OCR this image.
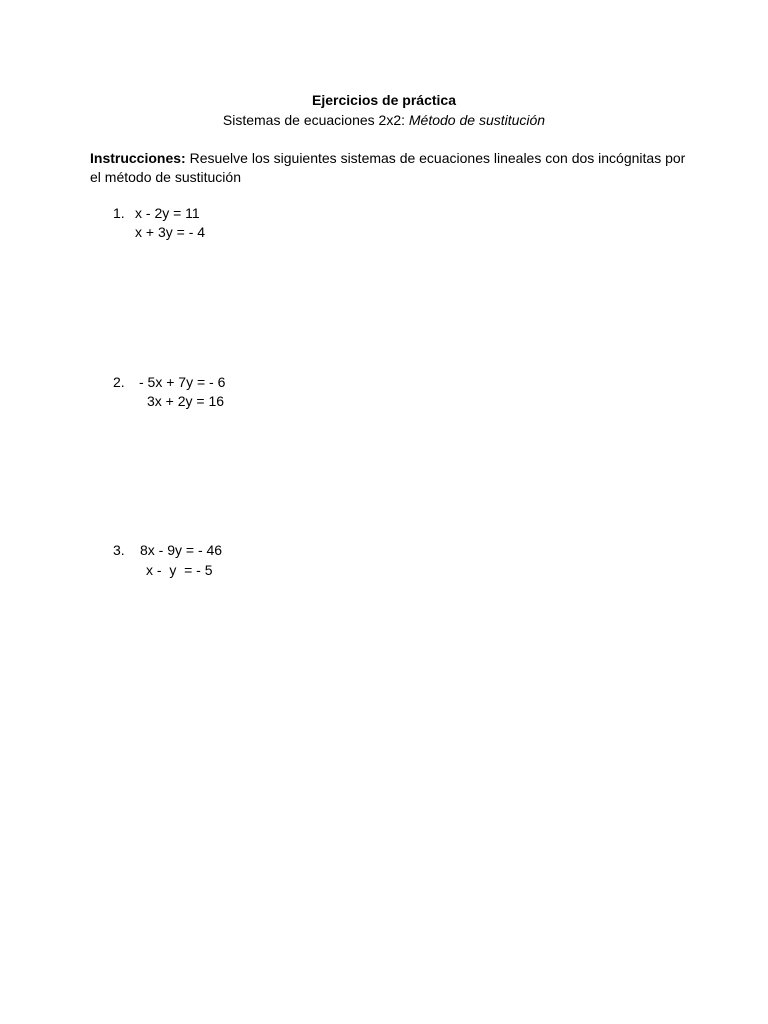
Ejercicios de práctica
Sistemas de ecuaciones 2x2: Método de sustitución
Instrucciones: Resuelve los siguientes sistemas de ecuaciones lineales con dos incógnitas por el método de sustitución
1. x - 2y = 11
x + 3y = - 4
2. - 5x + 7y = - 6
3x + 2y = 16
3. 8x - 9y = - 46
x -  y  = - 5
